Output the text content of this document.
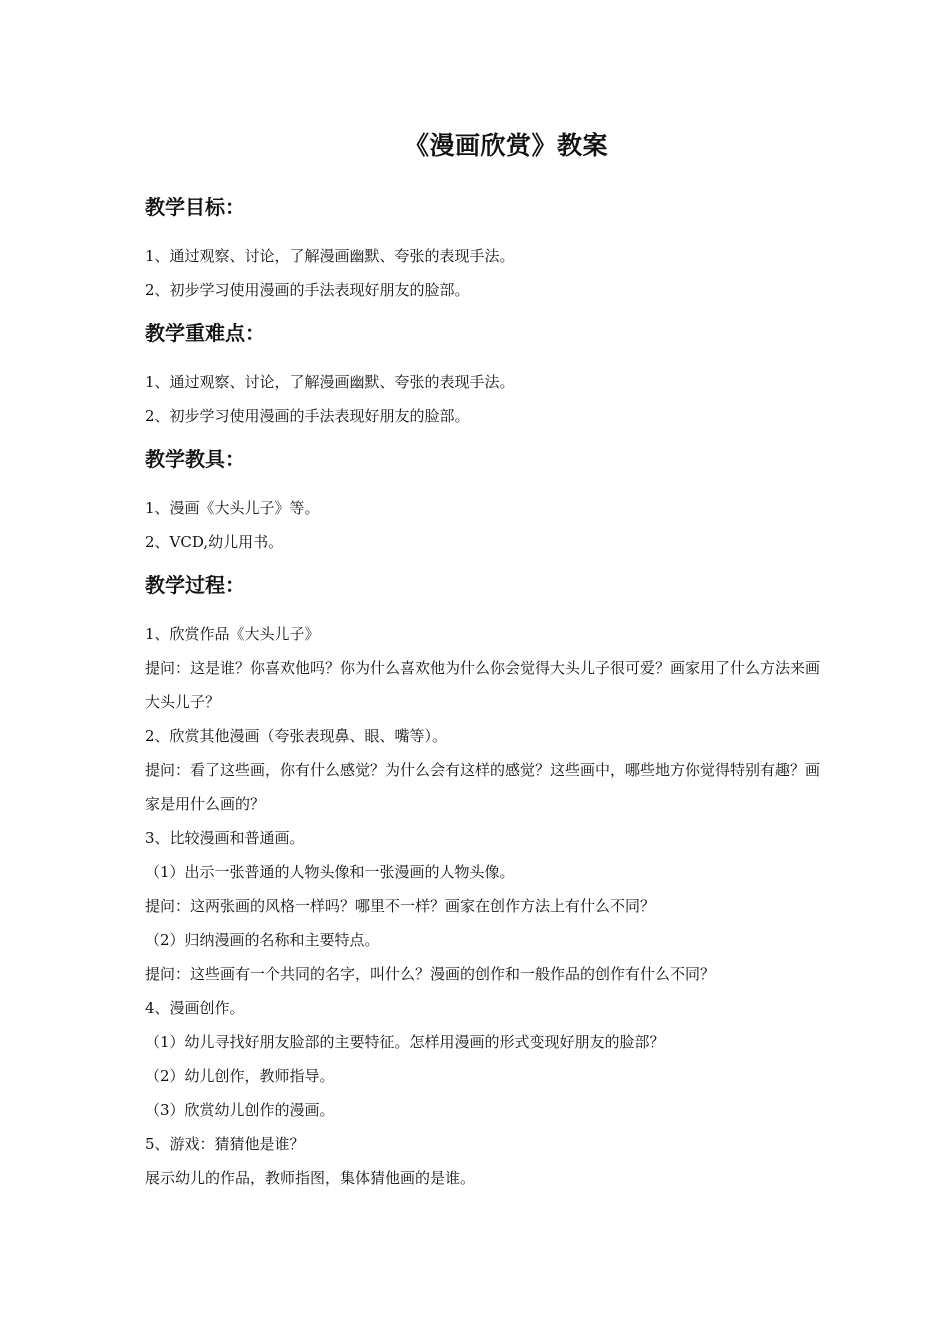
《漫画欣赏》教案

教学目标：

1、通过观察、讨论，了解漫画幽默、夸张的表现手法。

2、初步学习使用漫画的手法表现好朋友的脸部。

教学重难点：

1、通过观察、讨论，了解漫画幽默、夸张的表现手法。

2、初步学习使用漫画的手法表现好朋友的脸部。

教学教具：

1、漫画《大头儿子》等。

2、VCD,幼儿用书。

教学过程：

1、欣赏作品《大头儿子》

提问：这是谁？你喜欢他吗？你为什么喜欢他为什么你会觉得大头儿子很可爱？画家用了什么方法来画大头儿子？

2、欣赏其他漫画（夸张表现鼻、眼、嘴等）。

提问：看了这些画，你有什么感觉？为什么会有这样的感觉？这些画中，哪些地方你觉得特别有趣？画家是用什么画的？

3、比较漫画和普通画。

（1）出示一张普通的人物头像和一张漫画的人物头像。

提问：这两张画的风格一样吗？哪里不一样？画家在创作方法上有什么不同？

（2）归纳漫画的名称和主要特点。

提问：这些画有一个共同的名字，叫什么？漫画的创作和一般作品的创作有什么不同？

4、漫画创作。

（1）幼儿寻找好朋友脸部的主要特征。怎样用漫画的形式变现好朋友的脸部？

（2）幼儿创作，教师指导。

（3）欣赏幼儿创作的漫画。

5、游戏：猜猜他是谁？

展示幼儿的作品，教师指图，集体猜他画的是谁。
